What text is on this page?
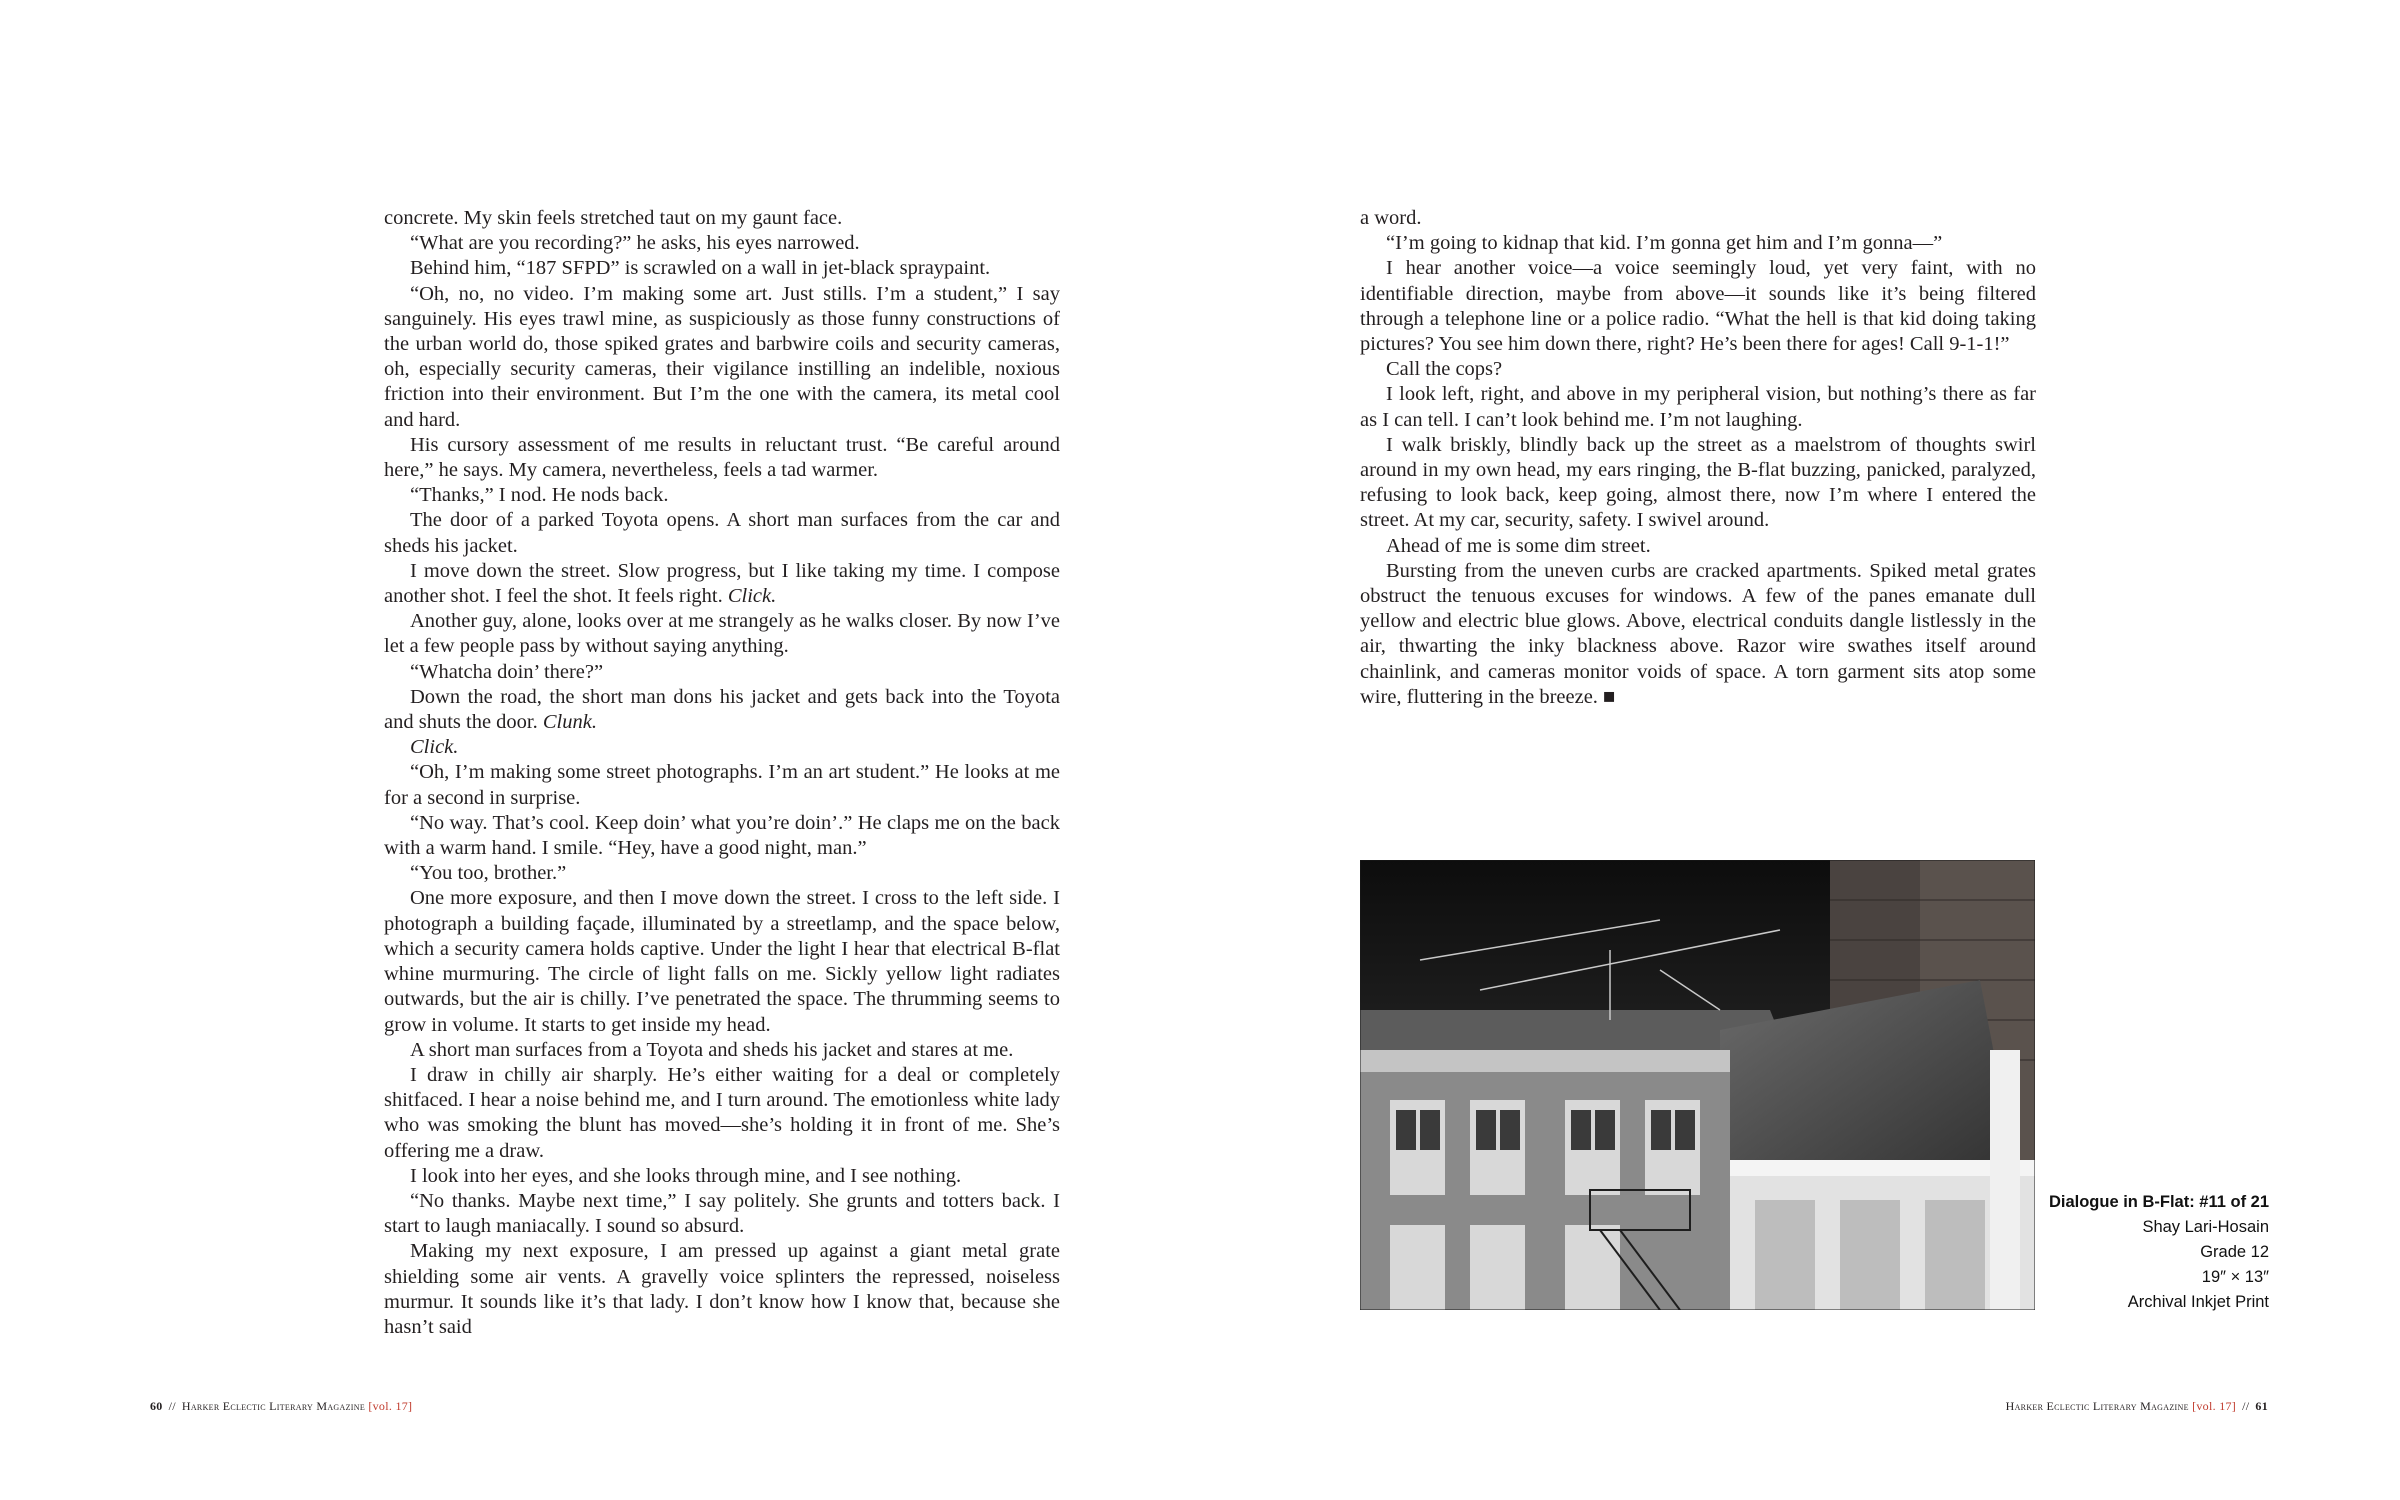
concrete. My skin feels stretched taut on my gaunt face.

“What are you recording?” he asks, his eyes narrowed.

Behind him, “187 SFPD” is scrawled on a wall in jet-black spraypaint.

“Oh, no, no video. I’m making some art. Just stills. I’m a student,” I say sanguinely. His eyes trawl mine, as suspiciously as those funny constructions of the urban world do, those spiked grates and barbwire coils and security cameras, oh, especially security cameras, their vigilance instilling an indelible, noxious friction into their environment. But I’m the one with the camera, its metal cool and hard.

His cursory assessment of me results in reluctant trust. “Be careful around here,” he says. My camera, nevertheless, feels a tad warmer.

“Thanks,” I nod. He nods back.

The door of a parked Toyota opens. A short man surfaces from the car and sheds his jacket.

I move down the street. Slow progress, but I like taking my time. I compose another shot. I feel the shot. It feels right. Click.

Another guy, alone, looks over at me strangely as he walks closer. By now I’ve let a few people pass by without saying anything.

“Whatcha doin’ there?”

Down the road, the short man dons his jacket and gets back into the Toyota and shuts the door. Clunk.

Click.

“Oh, I’m making some street photographs. I’m an art student.” He looks at me for a second in surprise.

“No way. That’s cool. Keep doin’ what you’re doin’.” He claps me on the back with a warm hand. I smile. “Hey, have a good night, man.”

“You too, brother.”

One more exposure, and then I move down the street. I cross to the left side. I photograph a building façade, illuminated by a streetlamp, and the space below, which a security camera holds captive. Under the light I hear that electrical B-flat whine murmuring. The circle of light falls on me. Sickly yellow light radiates outwards, but the air is chilly. I’ve penetrated the space. The thrumming seems to grow in volume. It starts to get inside my head.

A short man surfaces from a Toyota and sheds his jacket and stares at me.

I draw in chilly air sharply. He’s either waiting for a deal or completely shitfaced. I hear a noise behind me, and I turn around. The emotionless white lady who was smoking the blunt has moved—she’s holding it in front of me. She’s offering me a draw.

I look into her eyes, and she looks through mine, and I see nothing.

“No thanks. Maybe next time,” I say politely. She grunts and totters back. I start to laugh maniacally. I sound so absurd.

Making my next exposure, I am pressed up against a giant metal grate shielding some air vents. A gravelly voice splinters the repressed, noiseless murmur. It sounds like it’s that lady. I don’t know how I know that, because she hasn’t said

a word.

“I’m going to kidnap that kid. I’m gonna get him and I’m gonna—”

I hear another voice—a voice seemingly loud, yet very faint, with no identifiable direction, maybe from above—it sounds like it’s being filtered through a telephone line or a police radio. “What the hell is that kid doing taking pictures? You see him down there, right? He’s been there for ages! Call 9-1-1!”

Call the cops?

I look left, right, and above in my peripheral vision, but nothing’s there as far as I can tell. I can’t look behind me. I’m not laughing.

I walk briskly, blindly back up the street as a maelstrom of thoughts swirl around in my own head, my ears ringing, the B-flat buzzing, panicked, paralyzed, refusing to look back, keep going, almost there, now I’m where I entered the street. At my car, security, safety. I swivel around.

Ahead of me is some dim street.

Bursting from the uneven curbs are cracked apartments. Spiked metal grates obstruct the tenuous excuses for windows. A few of the panes emanate dull yellow and electric blue glows. Above, electrical conduits dangle listlessly in the air, thwarting the inky blackness above. Razor wire swathes itself around chainlink, and cameras monitor voids of space. A torn garment sits atop some wire, fluttering in the breeze. ■

Dialogue in B-Flat: #11 of 21
Shay Lari-Hosain
Grade 12
19″ × 13″
Archival Inkjet Print
60 // Harker Eclectic Literary Magazine [vol. 17]	Harker Eclectic Literary Magazine [vol. 17] // 61
